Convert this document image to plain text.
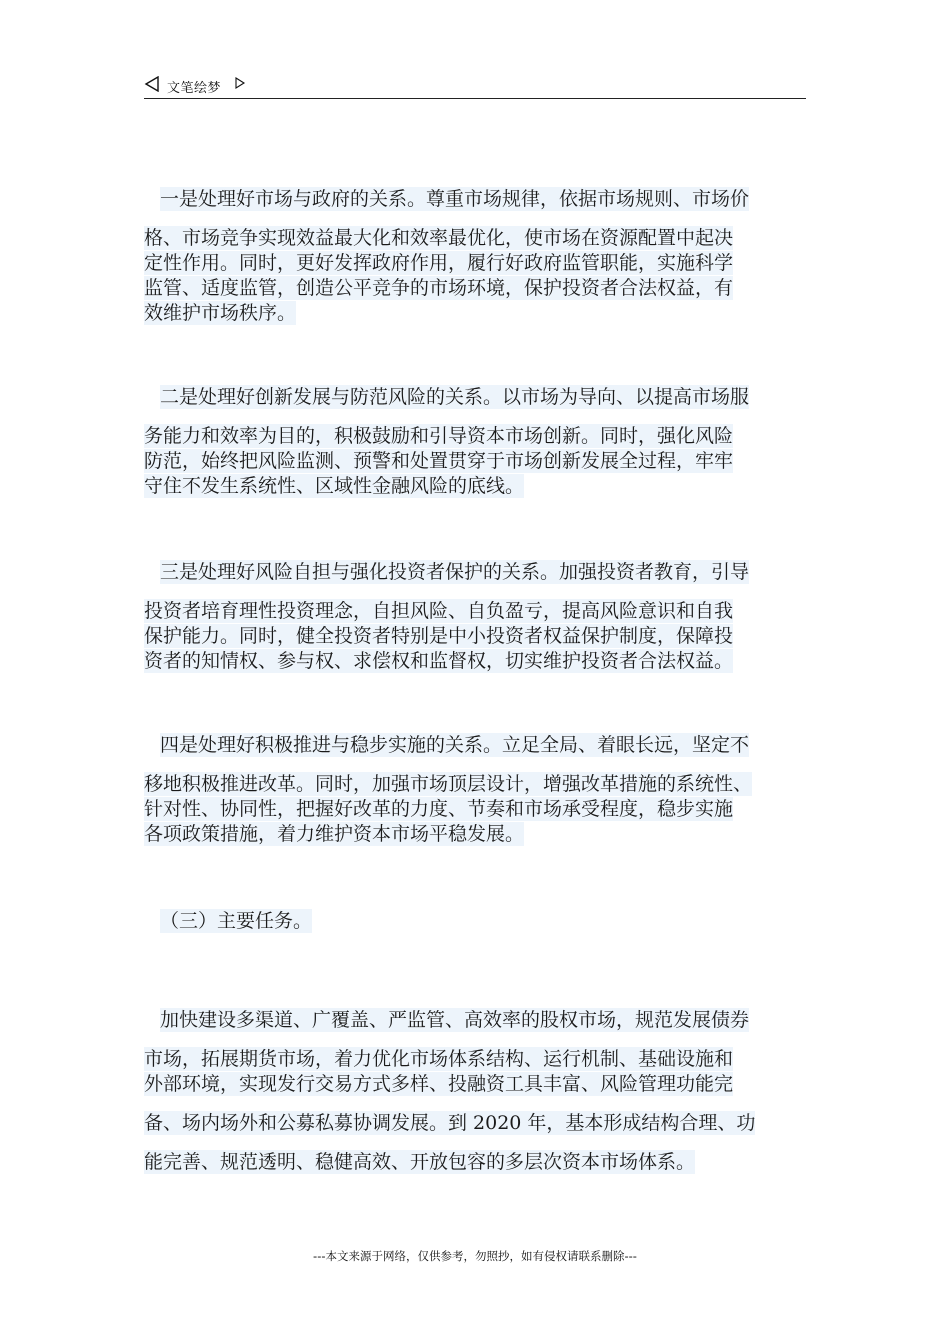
文笔绘梦
一是处理好市场与政府的关系。尊重市场规律，依据市场规则、市场价
格、市场竞争实现效益最大化和效率最优化，使市场在资源配置中起决
定性作用。同时，更好发挥政府作用，履行好政府监管职能，实施科学
监管、适度监管，创造公平竞争的市场环境，保护投资者合法权益，有
效维护市场秩序。
二是处理好创新发展与防范风险的关系。以市场为导向、以提高市场服
务能力和效率为目的，积极鼓励和引导资本市场创新。同时，强化风险
防范，始终把风险监测、预警和处置贯穿于市场创新发展全过程，牢牢
守住不发生系统性、区域性金融风险的底线。
三是处理好风险自担与强化投资者保护的关系。加强投资者教育，引导
投资者培育理性投资理念，自担风险、自负盈亏，提高风险意识和自我
保护能力。同时，健全投资者特别是中小投资者权益保护制度，保障投
资者的知情权、参与权、求偿权和监督权，切实维护投资者合法权益。
四是处理好积极推进与稳步实施的关系。立足全局、着眼长远，坚定不
移地积极推进改革。同时，加强市场顶层设计，增强改革措施的系统性、
针对性、协同性，把握好改革的力度、节奏和市场承受程度，稳步实施
各项政策措施，着力维护资本市场平稳发展。
（三）主要任务。
加快建设多渠道、广覆盖、严监管、高效率的股权市场，规范发展债券
市场，拓展期货市场，着力优化市场体系结构、运行机制、基础设施和
外部环境，实现发行交易方式多样、投融资工具丰富、风险管理功能完
备、场内场外和公募私募协调发展。到 2020 年，基本形成结构合理、功
能完善、规范透明、稳健高效、开放包容的多层次资本市场体系。
---本文来源于网络，仅供参考，勿照抄，如有侵权请联系删除---
